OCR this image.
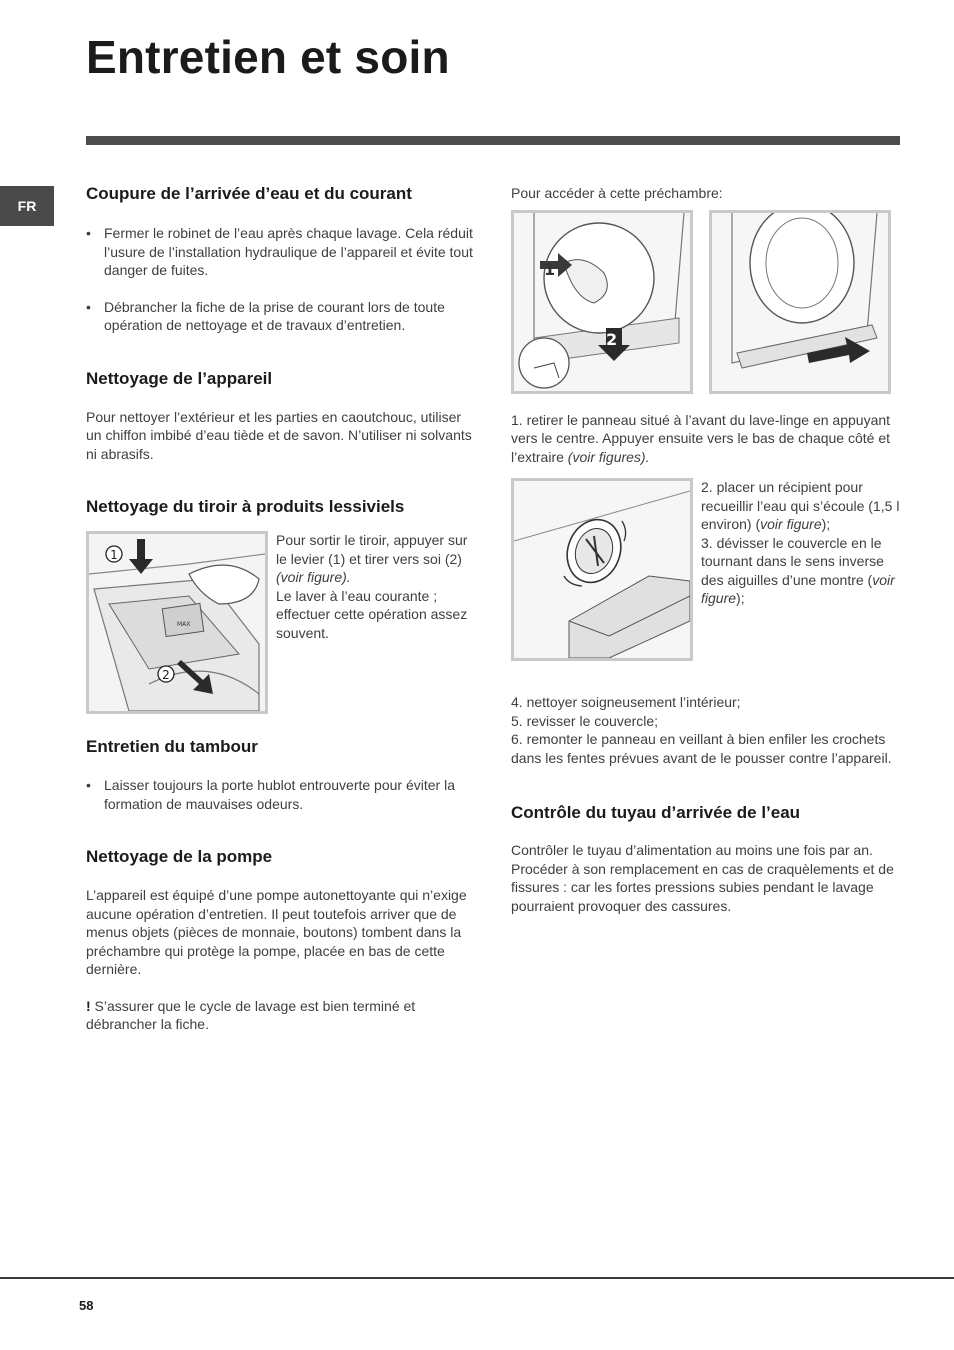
Entretien et soin
FR
Coupure de l’arrivée d’eau et du courant
• Fermer le robinet de l’eau après chaque lavage. Cela réduit l’usure de l’installation hydraulique de l’appareil et évite tout danger de fuites.
• Débrancher la fiche de la prise de courant lors de toute opération de nettoyage et de travaux d’entretien.
Nettoyage de l’appareil

Pour nettoyer l’extérieur et les parties en caoutchouc, utiliser un chiffon imbibé d’eau tiède et de savon. N’utiliser ni solvants ni abrasifs.

Nettoyage du tiroir à produits lessiviels
MAX
1
2

Pour sortir le tiroir, appuyer sur le levier (1) et tirer vers soi (2) (voir figure).

Le laver à l’eau courante ; effectuer cette opération assez souvent.

Entretien du tambour
• Laisser toujours la porte hublot entrouverte pour éviter la formation de mauvaises odeurs.
Nettoyage de la pompe

L’appareil est équipé d’une pompe autonettoyante qui n’exige aucune opération d’entretien. Il peut toutefois arriver que de menus objets (pièces de monnaie, boutons) tombent dans la préchambre qui protège la pompe, placée en bas de cette dernière.

! S’assurer que le cycle de lavage est bien terminé et débrancher la fiche.

Pour accéder à cette préchambre:

1
2

1. retirer le panneau situé à l’avant du lave-linge en appuyant vers le centre. Appuyer ensuite vers le bas de chaque côté et l’extraire (voir figures).

2. placer un récipient pour recueillir l’eau qui s’écoule (1,5 l environ) (voir figure);

3. dévisser le couvercle en le tournant dans le sens inverse des aiguilles d’une montre (voir figure);

4. nettoyer soigneusement l’intérieur;

5. revisser le couvercle;

6. remonter le panneau en veillant à bien enfiler les crochets dans les fentes prévues avant de le pousser contre l’appareil.

Contrôle du tuyau d’arrivée de l’eau

Contrôler le tuyau d’alimentation au moins une fois par an. Procéder à son remplacement en cas de craquèlements et de fissures : car les fortes pressions subies pendant le lavage pourraient provoquer des cassures.

58
